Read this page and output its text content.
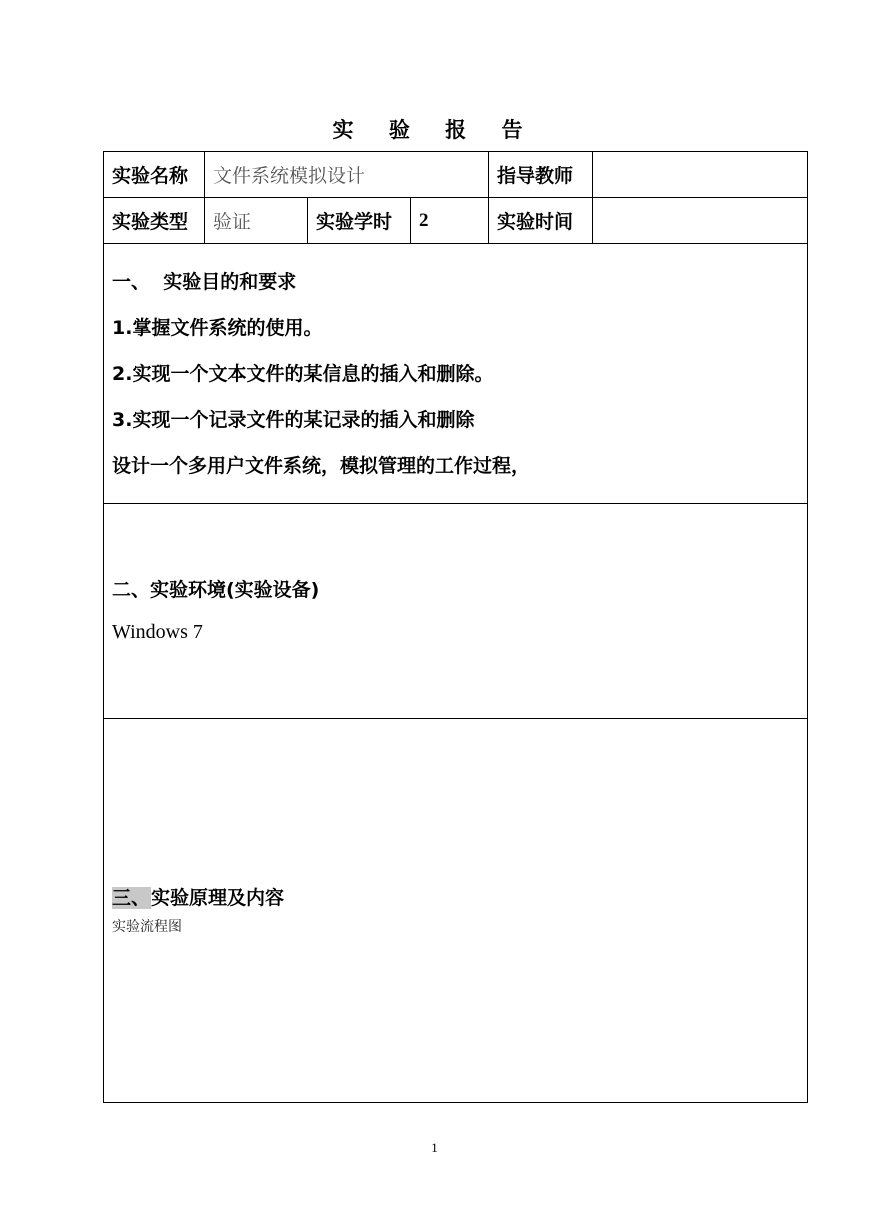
实 验 报 告
实验名称	文件系统模拟设计			指导教师	
实验类型	验证	实验学时	2	实验时间	

一、  实验目的和要求
1.掌握文件系统的使用。
2.实现一个文本文件的某信息的插入和删除。
3.实现一个记录文件的某记录的插入和删除
设计一个多用户文件系统，模拟管理的工作过程，					

二、实验环境(实验设备)
Windows 7					

三、实验原理及内容
实验流程图					
1
